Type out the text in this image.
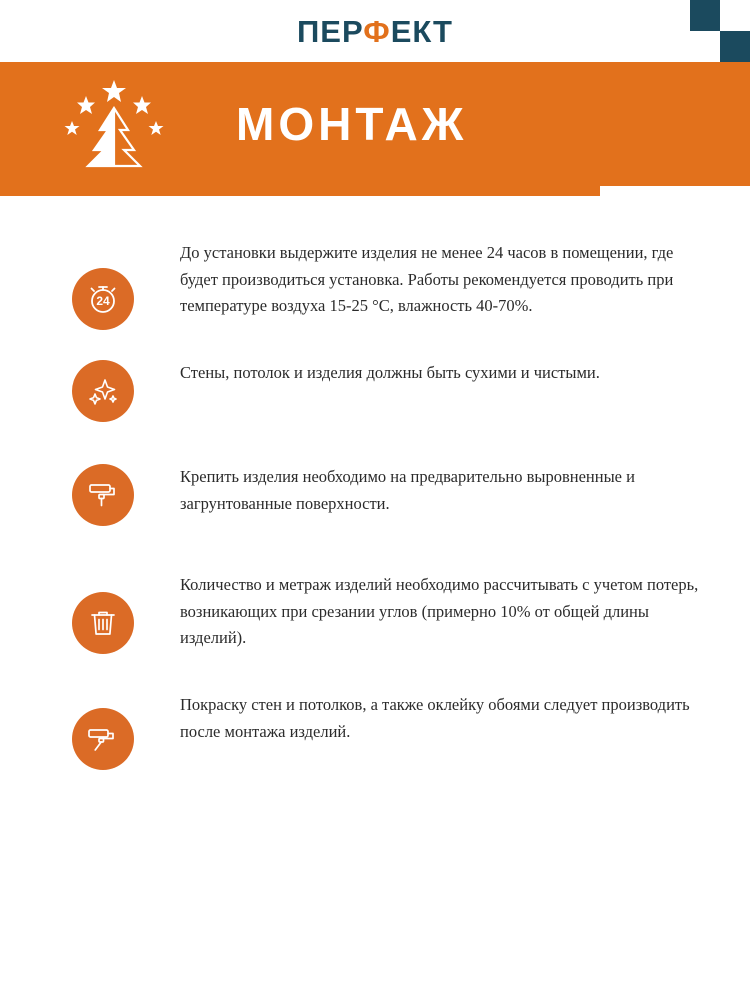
ПЕРФЕКТ
МОНТАЖ
24
До установки выдержите изделия не менее 24 часов в помещении, где будет производиться установка. Работы рекомендуется проводить при температуре воздуха 15-25 °С, влажность 40-70%.
Стены, потолок и изделия должны быть сухими и чистыми.
Крепить изделия необходимо на предварительно выровненные и загрунтованные поверхности.
Количество и метраж изделий необходимо рассчитывать с учетом потерь, возникающих при срезании углов (примерно 10% от общей длины изделий).
Покраску стен и потолков, а также оклейку обоями следует производить после монтажа изделий.
